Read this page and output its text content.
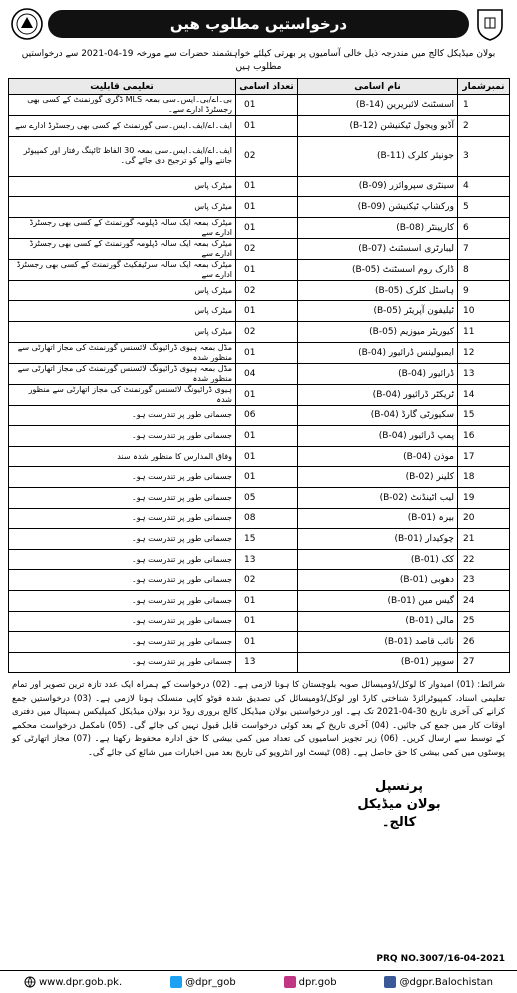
درخواستیں مطلوب ھیں
بولان میڈیکل کالج میں مندرجہ ذیل خالی آسامیوں پر بھرتی کیلئے خواہشمند حضرات سے مورخہ 19-04-2021 سے درخواستیں مطلوب ہیں
نمبرشمار	نام اسامی	تعداد اسامی	تعلیمی قابلیت
1	اسسٹنٹ لائبریرین (B-14)	01	بی۔اے/بی۔ایس۔سی بمعہ MLS ڈگری گورنمنٹ کے کسی بھی رجسٹرڈ ادارے سے۔
2	آڈیو ویجول ٹیکنیشن (B-12)	01	ایف۔اے/ایف۔ایس۔سی گورنمنٹ کے کسی بھی رجسٹرڈ ادارے سے
3	جونیئر کلرک (B-11)	02	ایف۔اے/ایف۔ایس۔سی بمعہ 30 الفاظ ٹائپنگ رفتار اور کمپیوٹر جاننے والے کو ترجیح دی جائے گی۔
4	سینٹری سپروائزر (B-09)	01	میٹرک پاس
5	ورکشاپ ٹیکنیشن (B-09)	01	میٹرک پاس
6	کارپینٹر (B-08)	01	میٹرک بمعہ ایک سالہ ڈپلومہ گورنمنٹ کے کسی بھی رجسٹرڈ ادارے سے
7	لیبارٹری اسسٹنٹ (B-07)	02	میٹرک بمعہ ایک سالہ ڈپلومہ گورنمنٹ کے کسی بھی رجسٹرڈ ادارے سے
8	ڈارک روم اسسٹنٹ (B-05)	01	میٹرک بمعہ ایک سالہ سرٹیفکیٹ گورنمنٹ کے کسی بھی رجسٹرڈ ادارے سے
9	ہاسٹل کلرک (B-05)	02	میٹرک پاس
10	ٹیلیفون آپریٹر (B-05)	01	میٹرک پاس
11	کیوریٹر میوزیم (B-05)	02	میٹرک پاس
12	ایمبولینس ڈرائیور (B-04)	01	مڈل بمعہ ہیوی ڈرائیونگ لائسنس گورنمنٹ کی مجاز اتھارٹی سے منظور شدہ
13	ڈرائیور (B-04)	04	مڈل بمعہ ہیوی ڈرائیونگ لائسنس گورنمنٹ کی مجاز اتھارٹی سے منظور شدہ
14	ٹریکٹر ڈرائیور (B-04)	01	ہیوی ڈرائیونگ لائسنس گورنمنٹ کی مجاز اتھارٹی سے منظور شدہ
15	سکیورٹی گارڈ (B-04)	06	جسمانی طور پر تندرست ہو۔
16	پمپ ڈرائیور (B-04)	01	جسمانی طور پر تندرست ہو۔
17	موذن (B-04)	01	وفاق المدارس کا منظور شدہ سند
18	کلینر (B-02)	01	جسمانی طور پر تندرست ہو۔
19	لیب اٹینڈنٹ (B-02)	05	جسمانی طور پر تندرست ہو۔
20	بیرہ (B-01)	08	جسمانی طور پر تندرست ہو۔
21	چوکیدار (B-01)	15	جسمانی طور پر تندرست ہو۔
22	کک (B-01)	13	جسمانی طور پر تندرست ہو۔
23	دھوبی (B-01)	02	جسمانی طور پر تندرست ہو۔
24	گیس مین (B-01)	01	جسمانی طور پر تندرست ہو۔
25	مالی (B-01)	01	جسمانی طور پر تندرست ہو۔
26	نائب قاصد (B-01)	01	جسمانی طور پر تندرست ہو۔
27	سویپر (B-01)	13	جسمانی طور پر تندرست ہو۔
شرائط: (01) امیدوار کا لوکل/ڈومیسائل صوبہ بلوچستان کا ہونا لازمی ہے۔ (02) درخواست کے ہمراہ ایک عدد تازہ ترین تصویر اور تمام تعلیمی اسناد، کمپیوٹرائزڈ شناختی کارڈ اور لوکل/ڈومیسائل کی تصدیق شدہ فوٹو کاپی منسلک ہونا لازمی ہے۔ (03) درخواستیں جمع کرانے کی آخری تاریخ 30-04-2021 تک ہے۔ اور درخواستیں بولان میڈیکل کالج بروری روڈ نزد بولان میڈیکل کمپلیکس ہسپتال میں دفتری اوقات کار میں جمع کی جائیں۔ (04) آخری تاریخ کے بعد کوئی درخواست قابل قبول نہیں کی جائے گی۔ (05) نامکمل درخواست محکمے کے توسط سے ارسال کریں۔ (06) زیر تجویز اسامیوں کی تعداد میں کمی بیشی کا حق ادارہ محفوظ رکھتا ہے۔ (07) مجاز اتھارٹی کو پوسٹوں میں کمی بیشی کا حق حاصل ہے۔ (08) ٹیسٹ اور انٹرویو کی تاریخ بعد میں اخبارات میں شائع کی جائے گی۔
پرنسپل
بولان میڈیکل کالج۔
PRQ NO.3007/16-04-2021
www.dpr.gob.pk.	@dpr_gob	dpr.gob	@dgpr.Balochistan
